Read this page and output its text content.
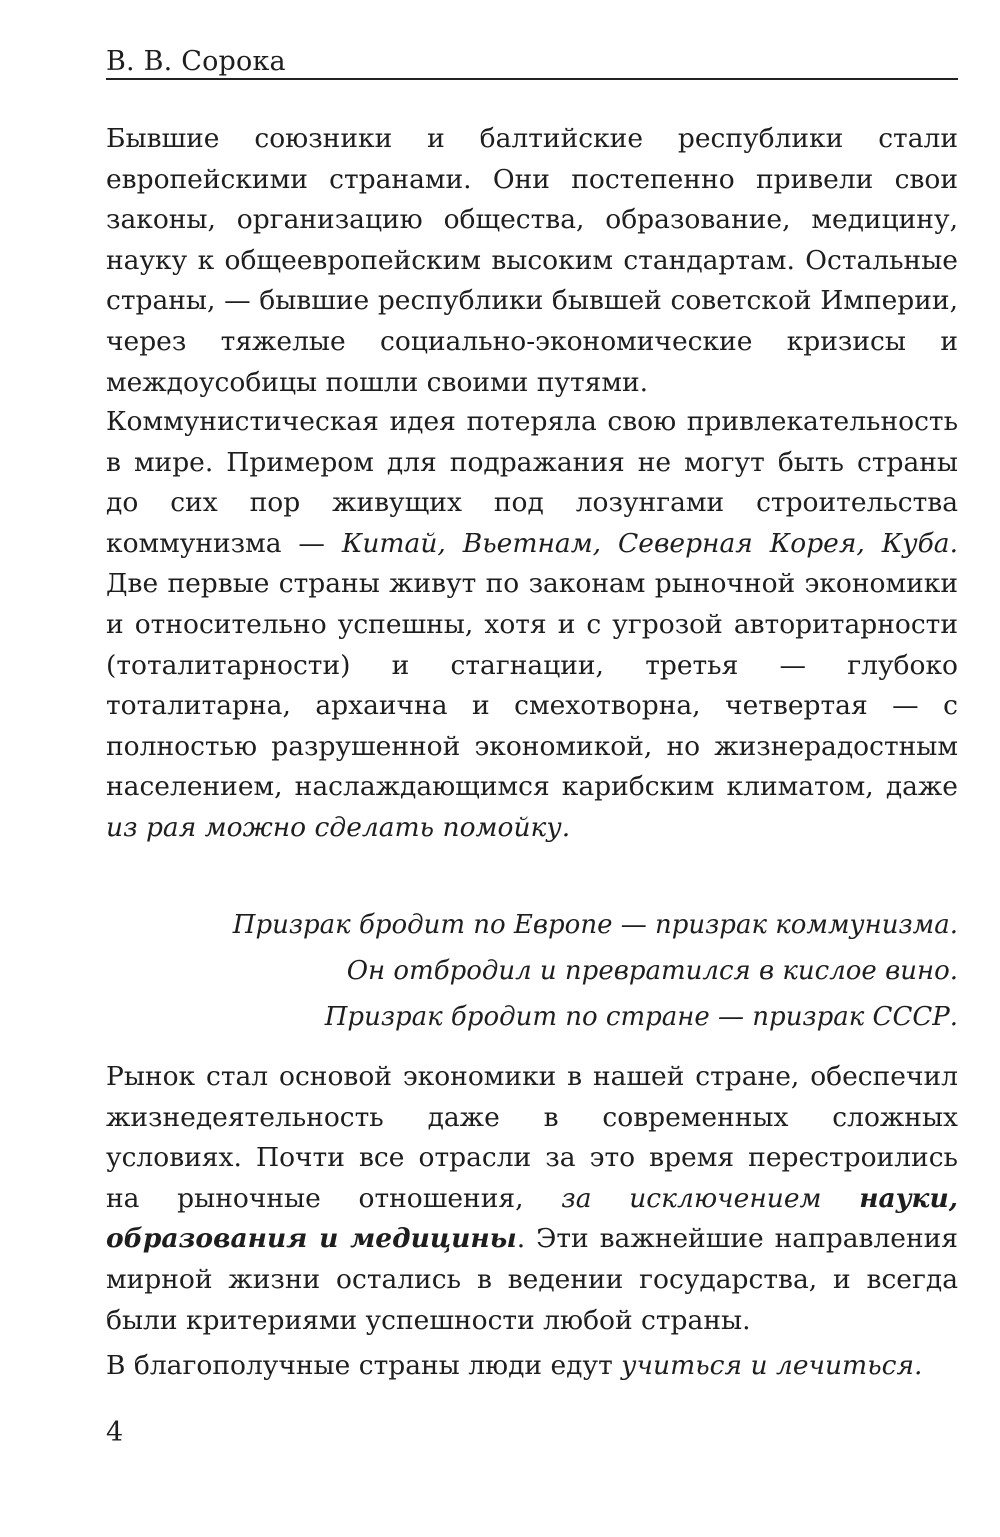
В. В. Сорока

Бывшие союзники и балтийские республики стали европейскими странами. Они постепенно привели свои законы, организацию общества, образование, медицину, науку к общеевропейским высоким стандартам. Остальные страны, — бывшие республики бывшей советской Империи, через тяжелые социально-экономические кризисы и междоусобицы пошли своими путями.

Коммунистическая идея потеряла свою привлекательность в мире. Примером для подражания не могут быть страны до сих пор живущих под лозунгами строительства коммунизма — Китай, Вьетнам, Северная Корея, Куба. Две первые страны живут по законам рыночной экономики и относительно успешны, хотя и с угрозой авторитарности (тоталитарности) и стагнации, третья — глубоко тоталитарна, архаична и смехотворна, четвертая — с полностью разрушенной экономикой, но жизнерадостным населением, наслаждающимся карибским климатом, даже из рая можно сделать помойку.

Призрак бродит по Европе — призрак коммунизма.
Он отбродил и превратился в кислое вино.
Призрак бродит по стране — призрак СССР.

Рынок стал основой экономики в нашей стране, обеспечил жизнедеятельность даже в современных сложных условиях. Почти все отрасли за это время перестроились на рыночные отношения, за исключением науки, образования и медицины. Эти важнейшие направления мирной жизни остались в ведении государства, и всегда были критериями успешности любой страны.

В благополучные страны люди едут учиться и лечиться.

4
